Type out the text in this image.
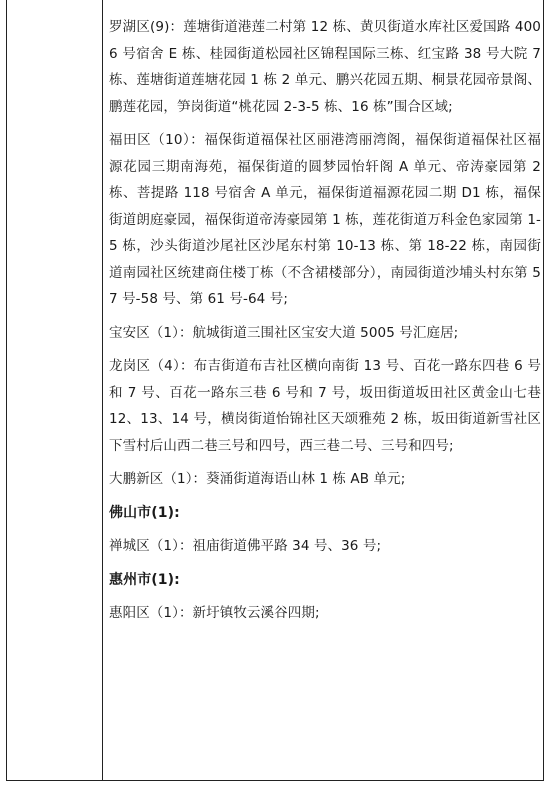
罗湖区(9)：莲塘街道港莲二村第 12 栋、黄贝街道水库社区爱国路 4006 号宿舍 E 栋、桂园街道松园社区锦程国际三栋、红宝路 38 号大院 7 栋、莲塘街道莲塘花园 1 栋 2 单元、鹏兴花园五期、桐景花园帝景阁、鹏莲花园，笋岗街道“桃花园 2-3-5 栋、16 栋”围合区域;

福田区（10）：福保街道福保社区丽港湾丽湾阁，福保街道福保社区福源花园三期南海苑，福保街道的圆梦园怡轩阁 A 单元、帝涛豪园第 2 栋、菩提路 118 号宿舍 A 单元，福保街道福源花园二期 D1 栋，福保街道朗庭豪园，福保街道帝涛豪园第 1 栋，莲花街道万科金色家园第 1-5 栋，沙头街道沙尾社区沙尾东村第 10-13 栋、第 18-22 栋，南园街道南园社区统建商住楼丁栋（不含裙楼部分），南园街道沙埔头村东第 57 号-58 号、第 61 号-64 号;

宝安区（1）：航城街道三围社区宝安大道 5005 号汇庭居;

龙岗区（4）：布吉街道布吉社区横向南街 13 号、百花一路东四巷 6 号和 7 号、百花一路东三巷 6 号和 7 号，坂田街道坂田社区黄金山七巷 12、13、14 号，横岗街道怡锦社区天颂雅苑 2 栋，坂田街道新雪社区下雪村后山西二巷三号和四号，西三巷二号、三号和四号;

大鹏新区（1）：葵涌街道海语山林 1 栋 AB 单元;

佛山市(1):

禅城区（1）：祖庙街道佛平路 34 号、36 号;

惠州市(1):

惠阳区（1）：新圩镇牧云溪谷四期;
